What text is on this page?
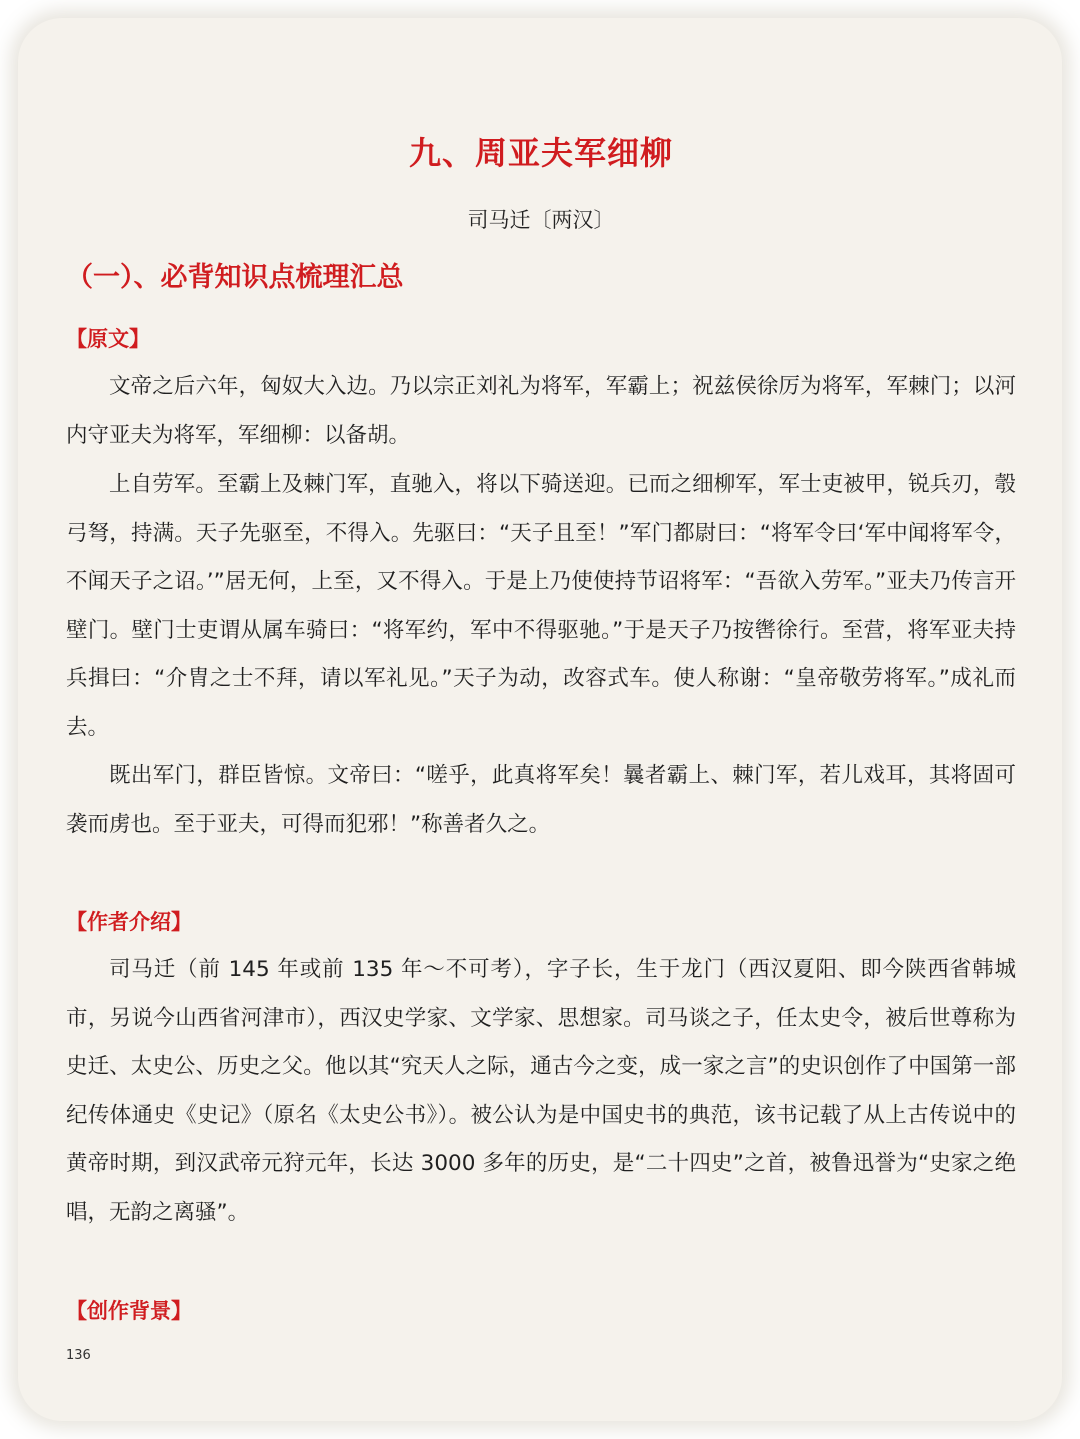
九、周亚夫军细柳

司马迁〔两汉〕

（一）、必背知识点梳理汇总

【原文】

文帝之后六年，匈奴大入边。乃以宗正刘礼为将军，军霸上；祝兹侯徐厉为将军，军棘门；以河内守亚夫为将军，军细柳：以备胡。

上自劳军。至霸上及棘门军，直驰入，将以下骑送迎。已而之细柳军，军士吏被甲，锐兵刃，彀弓弩，持满。天子先驱至，不得入。先驱曰：“天子且至！”军门都尉曰：“将军令曰‘军中闻将军令，不闻天子之诏。’”居无何，上至，又不得入。于是上乃使使持节诏将军：“吾欲入劳军。”亚夫乃传言开壁门。壁门士吏谓从属车骑曰：“将军约，军中不得驱驰。”于是天子乃按辔徐行。至营，将军亚夫持兵揖曰：“介胄之士不拜，请以军礼见。”天子为动，改容式车。使人称谢：“皇帝敬劳将军。”成礼而去。

既出军门，群臣皆惊。文帝曰：“嗟乎，此真将军矣！曩者霸上、棘门军，若儿戏耳，其将固可袭而虏也。至于亚夫，可得而犯邪！”称善者久之。

【作者介绍】

司马迁（前 145 年或前 135 年～不可考），字子长，生于龙门（西汉夏阳、即今陕西省韩城市，另说今山西省河津市），西汉史学家、文学家、思想家。司马谈之子，任太史令，被后世尊称为史迁、太史公、历史之父。他以其“究天人之际，通古今之变，成一家之言”的史识创作了中国第一部纪传体通史《史记》（原名《太史公书》）。被公认为是中国史书的典范，该书记载了从上古传说中的黄帝时期，到汉武帝元狩元年，长达 3000 多年的历史，是“二十四史”之首，被鲁迅誉为“史家之绝唱，无韵之离骚”。

【创作背景】

136
